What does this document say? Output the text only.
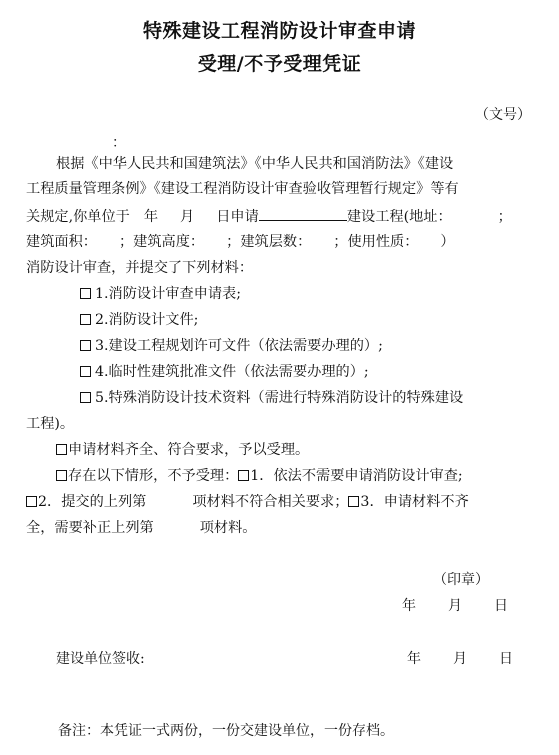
特殊建设工程消防设计审查申请
受理/不予受理凭证
（文号）
：
根据《中华人民共和国建筑法》《中华人民共和国消防法》《建设
工程质量管理条例》《建设工程消防设计审查验收管理暂行规定》等有
关规定,你单位于 年 月 日申请	建设工程(地址：	；
建筑面积： ；建筑高度： ；建筑层数： ；使用性质： ）
消防设计审查，并提交了下列材料：
1.消防设计审查申请表;
2.消防设计文件;
3.建设工程规划许可文件（依法需要办理的）;
4.临时性建筑批准文件（依法需要办理的）;
5.特殊消防设计技术资料（需进行特殊消防设计的特殊建设
工程)。
申请材料齐全、符合要求，予以受理。
存在以下情形，不予受理： 1．依法不需要申请消防设计审查;
2．提交的上列第	项材料不符合相关要求； 3．申请材料不齐
全，需要补正上列第	项材料。
（印章）
年 月 日
建设单位签收:	年 月 日
备注：本凭证一式两份，一份交建设单位，一份存档。
